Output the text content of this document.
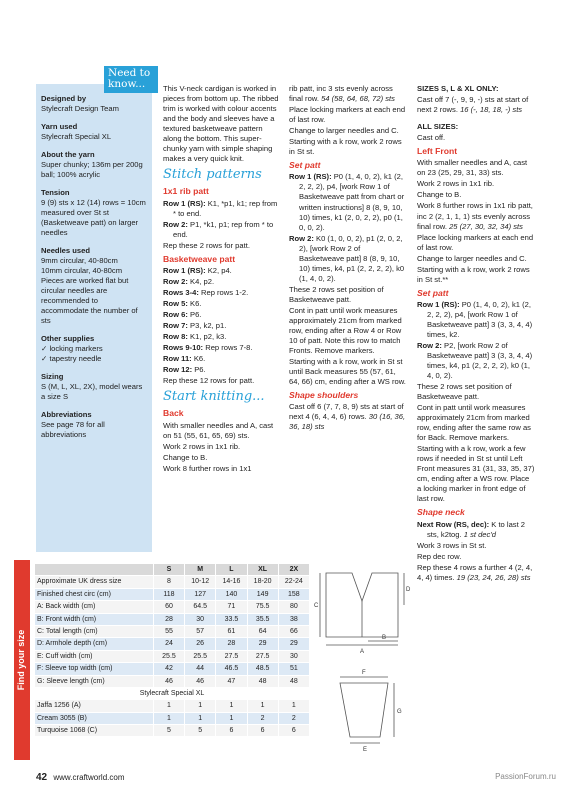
Designed by
Stylecraft Design Team
Yarn used
Stylecraft Special XL
About the yarn
Super chunky; 136m per 200g ball; 100% acrylic
Tension
9 (9) sts x 12 (14) rows = 10cm measured over St st (Basketweave patt) on larger needles
Needles used
9mm circular, 40-80cm
10mm circular, 40-80cm
Pieces are worked flat but circular needles are recommended to accommodate the number of sts
Other supplies
✓ locking markers
✓ tapestry needle
Sizing
S (M, L, XL, 2X), model wears a size S
Abbreviations
See page 78 for all abbreviations
Need to know...	This V-neck cardigan is worked in pieces from bottom up. The ribbed trim is worked with colour accents and the body and sleeves have a textured basketweave pattern along the bottom. This super-chunky yarn with simple shaping makes a very quick knit.
Stitch patterns
1x1 rib patt
Row 1 (RS): K1, *p1, k1; rep from * to end.
Row 2: P1, *k1, p1; rep from * to end.
Rep these 2 rows for patt.
Basketweave patt
Row 1 (RS): K2, p4.
Row 2: K4, p2.
Rows 3-4: Rep rows 1-2.
Row 5: K6.
Row 6: P6.
Row 7: P3, k2, p1.
Row 8: K1, p2, k3.
Rows 9-10: Rep rows 7-8.
Row 11: K6.
Row 12: P6.
Rep these 12 rows for patt.
Start knitting...
Back
With smaller needles and A, cast on 51 (55, 61, 65, 69) sts.
Work 2 rows in 1x1 rib.
Change to B.
Work 8 further rows in 1x1
rib patt, inc 3 sts evenly across final row. 54 (58, 64, 68, 72) sts
Place locking markers at each end of last row.
Change to larger needles and C.
Starting with a k row, work 2 rows in St st.
Set patt
Row 1 (RS): P0 (1, 4, 0, 2), k1 (2, 2, 2, 2), p4, [work Row 1 of Basketweave patt from chart or written instructions] 8 (8, 9, 10, 10) times, k1 (2, 0, 2, 2), p0 (1, 0, 0, 2).
Row 2: K0 (1, 0, 0, 2), p1 (2, 0, 2, 2), [work Row 2 of Basketweave patt] 8 (8, 9, 10, 10) times, k4, p1 (2, 2, 2, 2), k0 (1, 4, 0, 2).
These 2 rows set position of Basketweave patt.
Cont in patt until work measures approximately 21cm from marked row, ending after a Row 4 or Row 10 of patt. Note this row to match Fronts. Remove markers.
Starting with a k row, work in St st until Back measures 55 (57, 61, 64, 66) cm, ending after a WS row.
Shape shoulders
Cast off 6 (7, 7, 8, 9) sts at start of next 4 (6, 4, 4, 6) rows. 30 (16, 36, 36, 18) sts
SIZES S, L & XL ONLY:
Cast off 7 (-, 9, 9, -) sts at start of next 2 rows. 16 (-, 18, 18, -) sts
ALL SIZES:
Cast off.
Left Front
With smaller needles and A, cast on 23 (25, 29, 31, 33) sts.
Work 2 rows in 1x1 rib.
Change to B.
Work 8 further rows in 1x1 rib patt, inc 2 (2, 1, 1, 1) sts evenly across final row. 25 (27, 30, 32, 34) sts
Place locking markers at each end of last row.
Change to larger needles and C.
Starting with a k row, work 2 rows in St st.**
Set patt
Row 1 (RS): P0 (1, 4, 0, 2), k1 (2, 2, 2, 2), p4, [work Row 1 of Basketweave patt] 3 (3, 3, 4, 4) times, k2.
Row 2: P2, [work Row 2 of Basketweave patt] 3 (3, 3, 4, 4) times, k4, p1 (2, 2, 2, 2), k0 (1, 4, 0, 2).
These 2 rows set position of Basketweave patt.
Cont in patt until work measures approximately 21cm from marked row, ending after the same row as for Back. Remove markers.
Starting with a k row, work a few rows if needed in St st until Left Front measures 31 (31, 33, 35, 37) cm, ending after a WS row. Place a locking marker in front edge of last row.
Shape neck
Next Row (RS, dec): K to last 2 sts, k2tog. 1 st dec'd
Work 3 rows in St st.
Rep dec row.
Rep these 4 rows a further 4 (2, 4, 4, 4) times. 19 (23, 24, 26, 28) sts
Find your size
	S	M	L	XL	2X
Approximate UK dress size	8	10-12	14-16	18-20	22-24
Finished chest circ (cm)	118	127	140	149	158
A: Back width (cm)	60	64.5	71	75.5	80
B: Front width (cm)	28	30	33.5	35.5	38
C: Total length (cm)	55	57	61	64	66
D: Armhole depth (cm)	24	26	28	29	29
E: Cuff width (cm)	25.5	25.5	27.5	27.5	30
F: Sleeve top width (cm)	42	44	46.5	48.5	51
G: Sleeve length (cm)	46	46	47	48	48
Stylecraft Special XL					
Jaffa 1256 (A)	1	1	1	1	1
Cream 3055 (B)	1	1	1	2	2
Turquoise 1068 (C)	5	5	6	6	6
C
D
A
B
F
G
E
42 www.craftworld.com	PassionForum.ru
